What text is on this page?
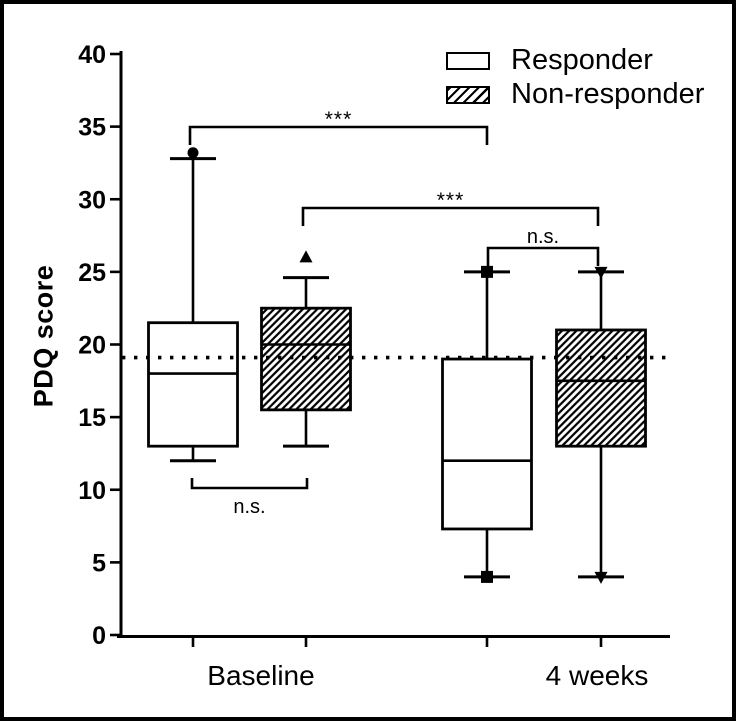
0
5
10
15
20
25
30
35
40
***
***
n.s.
n.s.
PDQ score
Baseline	4 weeks
Responder
Non-responder
